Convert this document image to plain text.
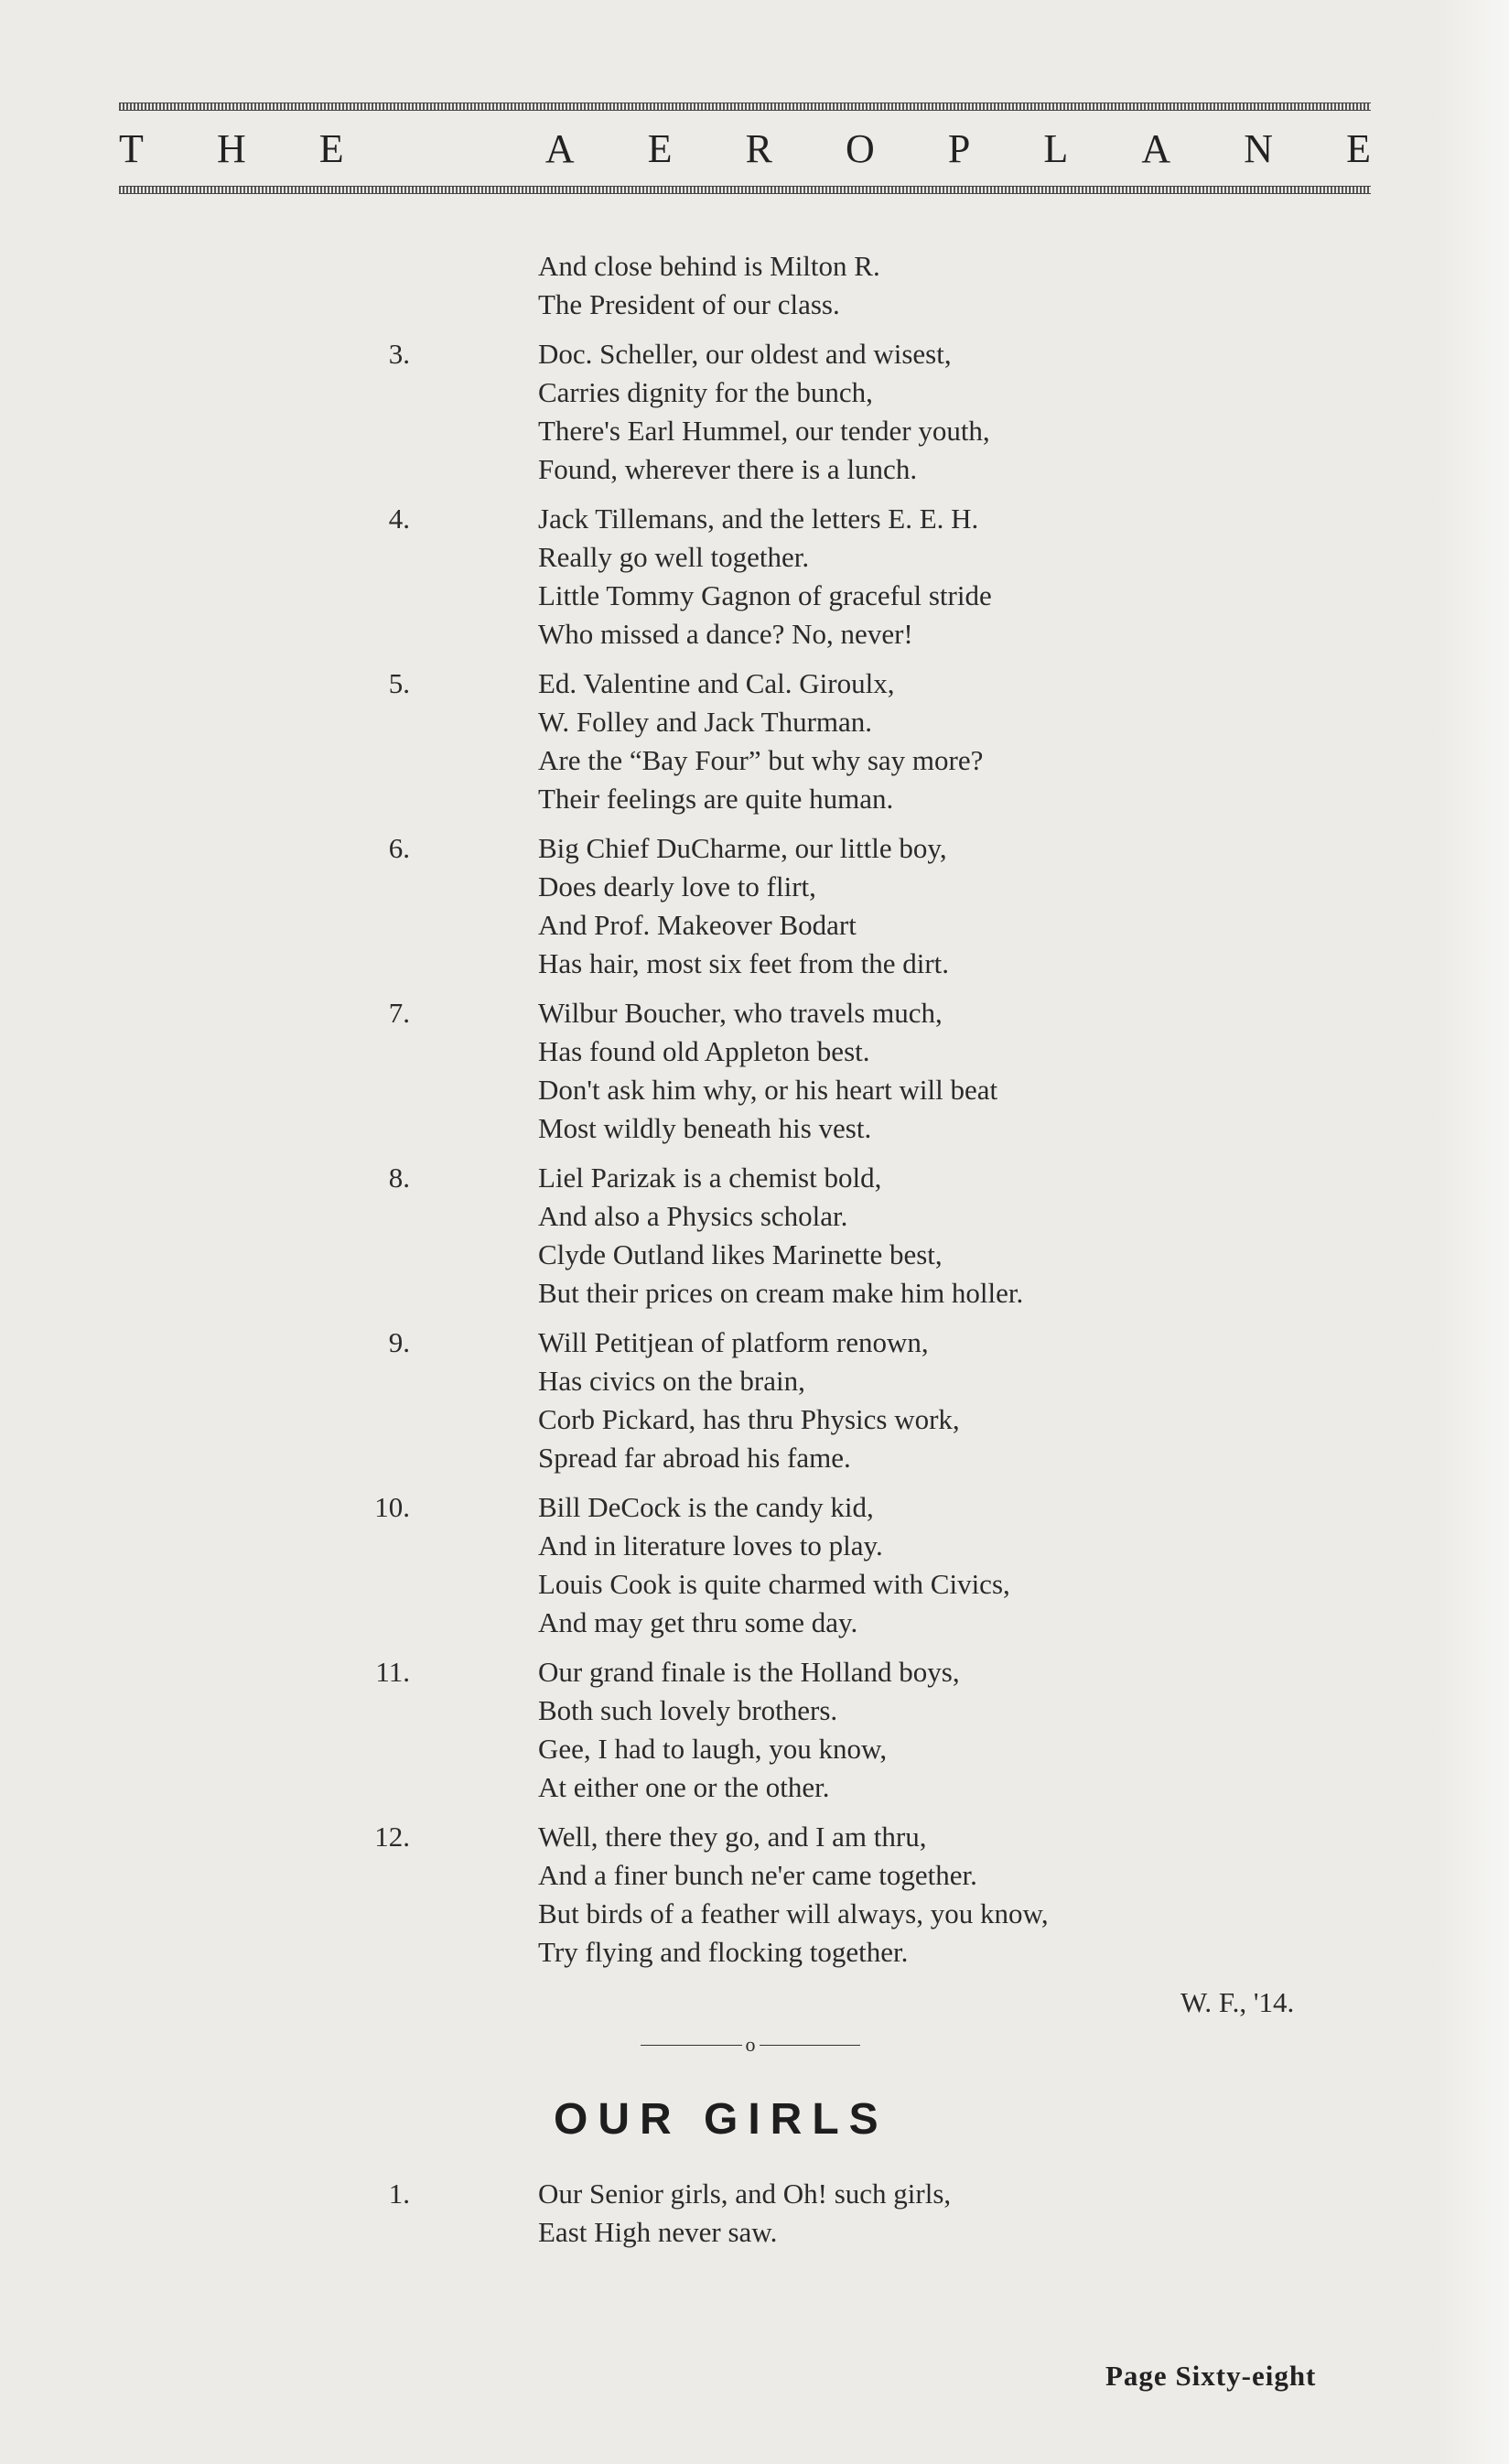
T H E	A E R O P L A N E
And close behind is Milton R.
The President of our class.
3.	Doc. Scheller, our oldest and wisest,
Carries dignity for the bunch,
There's Earl Hummel, our tender youth,
Found, wherever there is a lunch.
4.	Jack Tillemans, and the letters E. E. H.
Really go well together.
Little Tommy Gagnon of graceful stride
Who missed a dance? No, never!
5.	Ed. Valentine and Cal. Giroulx,
W. Folley and Jack Thurman.
Are the “Bay Four” but why say more?
Their feelings are quite human.
6.	Big Chief DuCharme, our little boy,
Does dearly love to flirt,
And Prof. Makeover Bodart
Has hair, most six feet from the dirt.
7.	Wilbur Boucher, who travels much,
Has found old Appleton best.
Don't ask him why, or his heart will beat
Most wildly beneath his vest.
8.	Liel Parizak is a chemist bold,
And also a Physics scholar.
Clyde Outland likes Marinette best,
But their prices on cream make him holler.
9.	Will Petitjean of platform renown,
Has civics on the brain,
Corb Pickard, has thru Physics work,
Spread far abroad his fame.
10.	Bill DeCock is the candy kid,
And in literature loves to play.
Louis Cook is quite charmed with Civics,
And may get thru some day.
11.	Our grand finale is the Holland boys,
Both such lovely brothers.
Gee, I had to laugh, you know,
At either one or the other.
12.	Well, there they go, and I am thru,
And a finer bunch ne'er came together.
But birds of a feather will always, you know,
Try flying and flocking together.
W. F., '14.
o
OUR GIRLS
1.	Our Senior girls, and Oh! such girls,
East High never saw.
Page Sixty-eight
